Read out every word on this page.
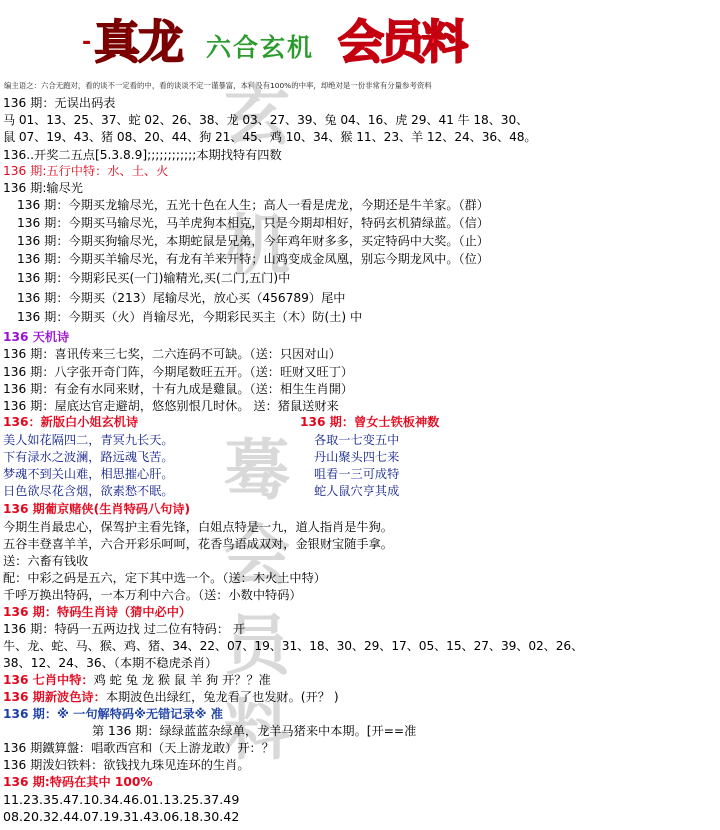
- 真龙 六合玄机 会员料
编主语之：六合无跑对，看的谈不一定看的中，看的谈谈不定一谨暴富，本料没有100%的中率，却绝对是一份非常有分量参考资料
玄
机
蓦
会
员
料
136 期：无误出码表
马 01、13、25、37、蛇 02、26、38、龙 03、27、39、兔 04、16、虎 29、41 牛 18、30、
鼠 07、19、43、猪 08、20、44、狗 21、45、鸡 10、34、猴 11、23、羊 12、24、36、48。
136..开奖二五点[5.3.8.9];;;;;;;;;;;;本期找特有四数
136 期:五行中特：水、土、火
136 期:输尽光
136 期：今期买龙输尽光，五光十色在人生；高人一看是虎龙，今期还是牛羊家。（群）
136 期：今期买马输尽光，马羊虎狗本相克，只是今期却相好，特码玄机猜绿蓝。（信）
136 期：今期买狗输尽光，本期蛇鼠是兄弟，今年鸡年财多多，买定特码中大奖。（止）
136 期：今期买羊输尽光，有龙有羊来开特；山鸡变成金凤凰，别忘今期龙风中。（位）
136 期：今期彩民买(一门)输精光,买(二门,五门)中
136 期：今期买（213）尾输尽光，放心买（456789）尾中
136 期：今期买（火）肖输尽光，今期彩民买主（木）防(土) 中
136 天机诗
136 期：喜讯传来三七奖，二六连码不可缺。（送：只因对山）
136 期：八字张开奇门阵，今期尾数旺五开。（送：旺财又旺丁）
136 期：有金有水同来财，十有九成是雞鼠。（送：相生生肖開）
136 期：屋底达官走避胡，悠悠别恨几时休。 送：猪鼠送财来
136：新版白小姐玄机诗	136 期：曾女士铁板神数
美人如花隔四二，青冥九长天。	各取一七变五中
下有渌水之波澜，路远魂飞苦。	丹山聚头四七来
梦魂不到关山难，相思摧心肝。	咀看一三可成特
日色欲尽花含烟，欲素愁不眠。	蛇人鼠穴亨其成
136 期葡京赌侠(生肖特码八句诗)
今期生肖最忠心，保驾护主看先锋，白姐点特是一九，道人指肖是牛狗。
五谷丰登喜羊羊，六合开彩乐呵呵，花香鸟语成双对，金银财宝随手拿。
送：六畜有钱收
配：中彩之码是五六，定下其中选一个。（送：木火土中特）
千呼万换出特码，一本万利中六合。（送：小数中特码）
136 期：特码生肖诗（猜中必中）
136 期：特码一五两边找 过二位有特码： 开
牛、龙、蛇、马、猴、鸡、猪、34、22、07、19、31、18、30、29、17、05、15、27、39、02、26、
38、12、24、36、（本期不稳虎杀肖）
136 七肖中特：鸡 蛇 兔 龙 猴 鼠 羊 狗 开？？准
136 期新波色诗：本期波色出绿红，兔龙看了也发财。(开？ )
136 期：※ 一句解特码※无错记录※ 准
第 136 期：绿绿蓝蓝杂绿单，龙羊马猪来中本期。[开==准
136 期鐵算盤：唱歌西宫和（天上游龙敢）开：？
136 期泼妇铁料：欲钱找九珠见连环的生肖。
136 期:特码在其中 100%
11.23.35.47.10.34.46.01.13.25.37.49
08.20.32.44.07.19.31.43.06.18.30.42
